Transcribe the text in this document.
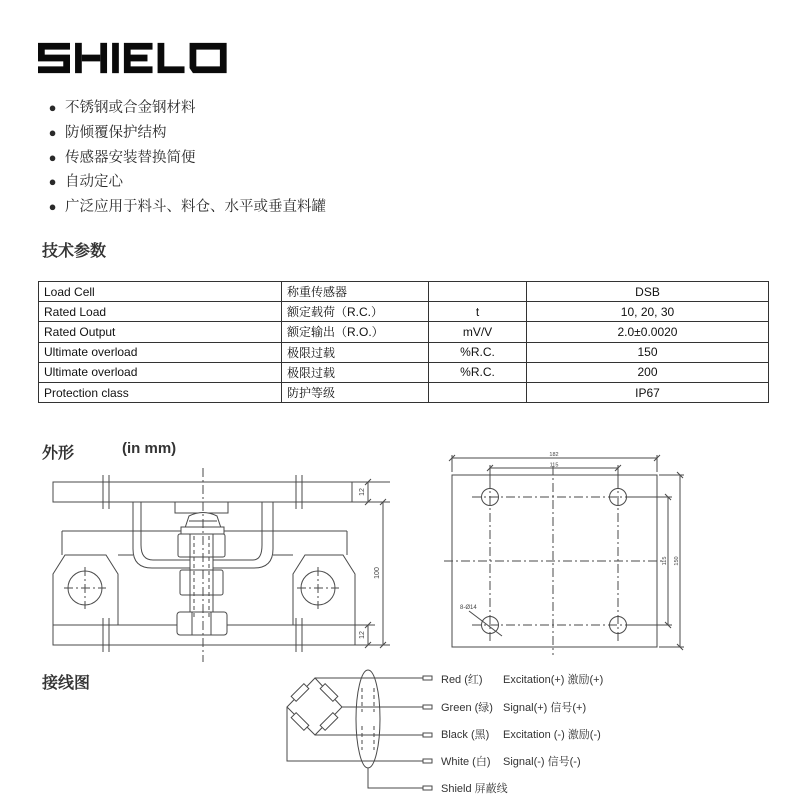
● 不锈钢或合金钢材料
● 防倾覆保护结构
● 传感器安装替换简便
● 自动定心
● 广泛应用于料斗、料仓、水平或垂直料罐
技术参数
Load Cell	称重传感器		DSB
Rated Load	额定载荷（R.C.）	t	10, 20, 30
Rated Output	额定输出（R.O.）	mV/V	2.0±0.0020
Ultimate overload	极限过载	%R.C.	150
Ultimate overload	极限过载	%R.C.	200
Protection class	防护等级		IP67
外形	(in mm)
12
100
12
182
115
115 150
8-Ø14
接线图	Red (红) Excitation(+) 激励(+)
Green (绿) Signal(+) 信号(+)
Black (黑) Excitation (-) 激励(-)
White (白) Signal(-) 信号(-)
Shield 屏蔽线
